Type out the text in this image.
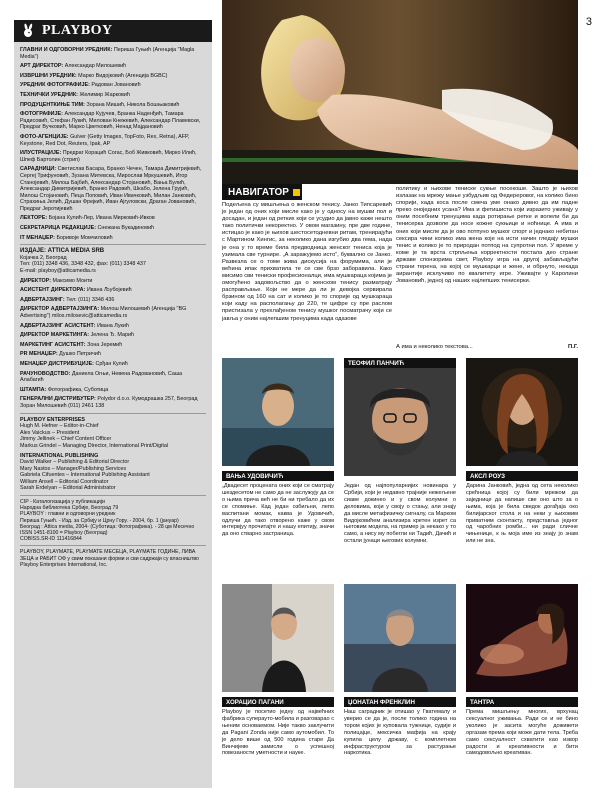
3
PLAYBOY
ГЛАВНИ И ОДГОВОРНИ УРЕДНИК: Периша Гуњић (Агенција "Magla Media")
АРТ ДИРЕКТОР: Александар Милошевић
ИЗВРШНИ УРЕДНИК: Марко Видојковић (Агенција BGBC)
УРЕДНИК ФОТОГРАФИЈЕ: Радован Јовановић
ТЕХНИЧКИ УРЕДНИК: Желимир Жарковић
ПРОДУЦЕНТКИЊЕ ТИМ: Зорана Мишић, Никола Бошњаковић
ФОТОГРАФИЈЕ: Александар Кујучев, Бранка Наденђић, Тамара Радисовић, Стефан Лукић, Милован Кнежевић, Александар Плавевски, Предраг Вучковић, Марко Цветковић, Ненад Мајдановић
ФОТО-АГЕНЦИЈЕ: Gulver (Getty Images, TopFoto, Rex, Retna), AFP, Keystone, Red Dot, Reuters, Ipak, AP
ИЛУСТРАЦИЈЕ: Предраг Корацић Согас, Боб Живковић, Мирко Илић, Шпеф Бартолин (стрип)
САРАДНИЦИ: Светислав Басара, Бранко Чечен, Тамара Димитријевић, Сергеј Трифуновић, Зузана Митевска, Мирослав Мркушевић, Игор Станојевић, Милош Бајбић, Александар Стојановић, Вања Булић, Александар Димитријевић, Бранко Радовић, Шкабо, Јелена Грујић, Милош Стојановић, Пеца Поповић, Иван Ивачковић, Милан Јанковић, Страхиња Јелић, Душан Фрејкић, Иван Ајгуловски, Драган Јовановић, Предраг Јеротијевић
ЛЕКТОРЕ: Бојана Кулић-Лер, Ивана Мирковић-Ивков
СЕКРЕТАРИЦА РЕДАКЦИЈЕ: Снежана Вукадиновић
IT МЕНАЏЕР: Боривоје Момчиловић
ИЗДАЈЕ: ATTICA MEDIA SRB
Којачка 2, Београд
Тел: (011) 3348 436, 3348 432, фах: (011) 3348 437
E-mail: playboy@atticamedia.rs
ДИРЕКТОР: Максимо Моити
АСИСТЕНТ ДИРЕКТОРА: Ивана Љубојевић
АДВЕРТАЈЗИНГ: Тел: (011) 3348 436
ДИРЕКТОР АДВЕРТАЈЗИНГА: Милош Милошевић (Агенција "BG Advertising") milos.milosevic@atticamedia.rs
АДВЕРТАЈЗИНГ АСИСТЕНТ: Ивана Лукић
ДИРЕКТОР МАРКЕТИНГА: Јелена Ђ. Марић
МАРКЕТИНГ АСИСТЕНТ: Зона Јеремић
PR МЕНАЏЕР: Душко Петричић
МЕНАЏЕР ДИСТРИБУЦИЈЕ: Срђан Кулић
РАЧУНОВОДСТВО: Даниела Огњи, Невена Радовановић, Саша Алабагић
ШТАМПА: Фотографика, Суботица
ГЕНЕРАЛНИ ДИСТРИБУТЕР: Polydor d.o.o. Кумодрашка 257, Београд Зоран Милошевић (011) 2461 138
PLAYBOY ENTERPRISES
Hugh M. Hefner – Editor-in-Chief
Alex Vaickus – President
Jimmy Jellinek – Chief Content Officer
Markus Grindel – Managing Director, International Print/Digital
INTERNATIONAL PUBLISHING
David Walker – Publishing & Editorial Director
Mary Nastos – Manager/Publishing Services
Gabriela Cifuentes – International Publishing Assistant
William Ansell – Editorial Coordinator
Sarah Erdelyan – Editorial Administrator
CIP - Каталогизација у публикацији
Народна библиотека Србије, Београд 79
PLAYBOY : главни и одговорни уредник
Периша Гуњић. - Изд. за Србију и Црну Гору. - 2004, бр. 1 (јануар)
Београд : Attica media, 2004- (Суботица: Фотографика). - 28 цм Месечно
ISSN 1451-8100 = Playboy (Београд)
COBISS.SR-ID 111416844
PLAYBOY, PLAYMATE, PLAYMATE МЕСЕЦА, PLAYMATE ГОДИНЕ, ЛИВА ЗЕЦА и РАБИТ ОФ у свим показани форми и сви садржаји су власништво Playboy Enterprises International, Inc.
НАВИГАТОР
Подељена су мишљења о женском тенису. Јанко Типсаревић је један од оних који мисле како је у односу на мушки пол и досадан, и један од ретких који се усудио да јавно каже нешто тако политички некоректно. У овом магазину, пре две године, истицао је како је њихов шестосетодневни ритам, тренирајући с Мартином Хингис, за неколико дана изгубио два гема, нада је она у то време била предводница женског тениса која је узимала све турнире. „А заражујемо исто”, буквално се Јанко. Развезла се о томе жива дискусија на форумима, али је већина ипак прихватила те се све брзо заборавила. Како мисимо сви тениски професионалци, има мушкараца којима је омогућено задовољство да о женском тенису разматрају расправљање. Који не мере да ли је девојка сервирала брзином од 160 на сат и колико је то спорије од мушкараца који каду на располагању до 220, те цифре су пре раслом пристизала у прехлађеном тенису мушког посматрачу који се јавља у оним најлепшим тренуцима када одазове
политику и њихове тениске сукње посекоше. Зашто је њихов излазак на мрежу мање узбудљив од Федереровог, на колико бино спорији, када коса после смеча уме онако дивно да им падне преко оноједних усана? Има и фетишиста који изразито уживају у оним посебним тренуцима када ротирање ретке и волели би да тенисерка дозволе да носе кожне сукњице и ноћнице. А има и оних који мисле да је ово потпуно мушког спорт и једнако небитан сексира чини колико има жена које на исти начин гледају мушки тенис и колико је то природан потпод на супротни пол. У време у коме је та врста стрпљења корректности постала део стране државе спонзорима свет, Playboy игра на другој забављајући страни терена, на којој се мушкарци и жене, и обрнуто, некада аирантије исклучиво по квалитету игре. Уживајте у Каролини Јовановић, једној од наших најлепших тенисерки.
А има и неколико текстова...	П.Г.
ВАЊА УДОВИЧИЋ
„Двадесет процената оних који се сматрају шездесетом не само да не заслужују да се о њима прича већ не би ни требало да их се спомиње. Кад један озбиљни, лепо васпитани момак, каква је Удовичић, одлучи да тако отворено каже у свом интервјуу прочитајте и нашу епитију, значи да оно стварно застраница.
ТЕОФИЛ ПАНЧИЋ
Један од најпопуларнијих новинара у Србији, који је недавно трајније нежељене сиаве докинео и у свом колумни о деловима, који у своју о стању, али знају да мисле метафизичку сигналу, са Марком Видојковићем анализира кретен изрет са његовим модела, на пример ја некако у то само, а нису му побегли ни Тадић, Дачић и остали јунаци његових колумни.
АКСЛ РОУЗ
Дарина Јанковић, једна од сета неколико срећница којој су били мрежом да заједнице да напише све оно што за о њима, која је била сведок догађаја око билијарског стола и на неки у њиховим приватним сконтакту, представља једног од чаробних ромби... ни ради сличне чињенице, к њ моја име из знају јо знам или не зна.
ХОРАЦИО ПАГАНИ
Playboy је посетио једну од највећних фабрика суперауто-мобила и разговарао с њеним основаемом. Није такво заклучити да Pagani Zonda није само аутомобил. То је дело више од 500 година старе Да Винчијеве замисли о успешној повезаности уметности и науке.
ЏОНАТАН ФРЕНКЛИН
Наш саградник је отишао у Гватемалу и уверио се да је, после толико година на тором којих је куповала тужнице, судије и полицајце, мексичка мафија на крају купила целу државу, с комплетном инфраструктуром за растурање наркотика.
ТАНТРА
Према мишљењу многих, врхунац сексуалног уживања. Ради се и не бино уколико је засита могуће доживети оргазам према који може дати тела. Треба само сексуалност схватити као извор радости и креативности и бити самодовољно креативан.
